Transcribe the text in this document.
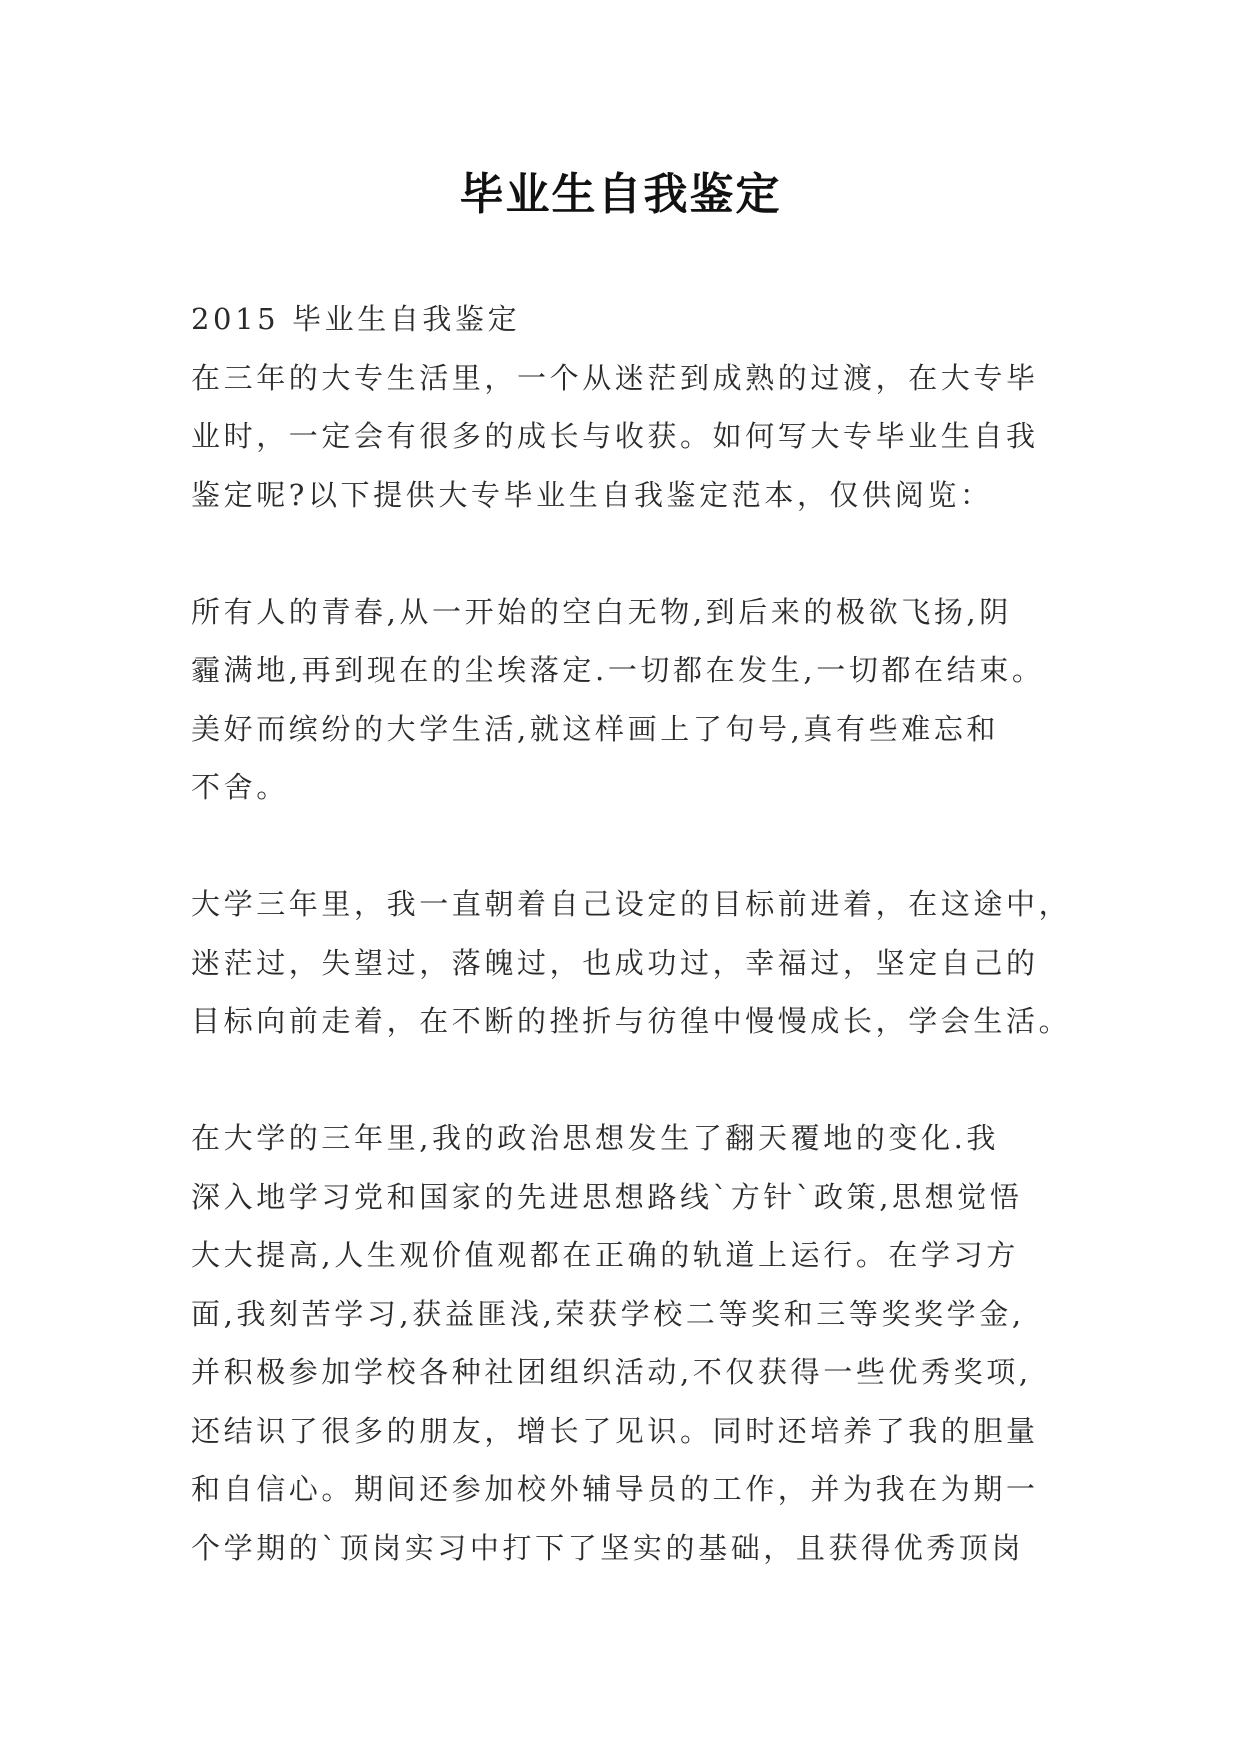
毕业生自我鉴定
2015 毕业生自我鉴定
在三年的大专生活里，一个从迷茫到成熟的过渡，在大专毕
业时，一定会有很多的成长与收获。如何写大专毕业生自我
鉴定呢?以下提供大专毕业生自我鉴定范本，仅供阅览：
所有人的青春,从一开始的空白无物,到后来的极欲飞扬,阴
霾满地,再到现在的尘埃落定.一切都在发生,一切都在结束。
美好而缤纷的大学生活,就这样画上了句号,真有些难忘和
不舍。
大学三年里，我一直朝着自己设定的目标前进着，在这途中，
迷茫过，失望过，落魄过，也成功过，幸福过，坚定自己的
目标向前走着，在不断的挫折与彷徨中慢慢成长，学会生活。
在大学的三年里,我的政治思想发生了翻天覆地的变化.我
深入地学习党和国家的先进思想路线`方针`政策,思想觉悟
大大提高,人生观价值观都在正确的轨道上运行。在学习方
面,我刻苦学习,获益匪浅,荣获学校二等奖和三等奖奖学金,
并积极参加学校各种社团组织活动,不仅获得一些优秀奖项,
还结识了很多的朋友，增长了见识。同时还培养了我的胆量
和自信心。期间还参加校外辅导员的工作，并为我在为期一
个学期的`顶岗实习中打下了坚实的基础，且获得优秀顶岗
